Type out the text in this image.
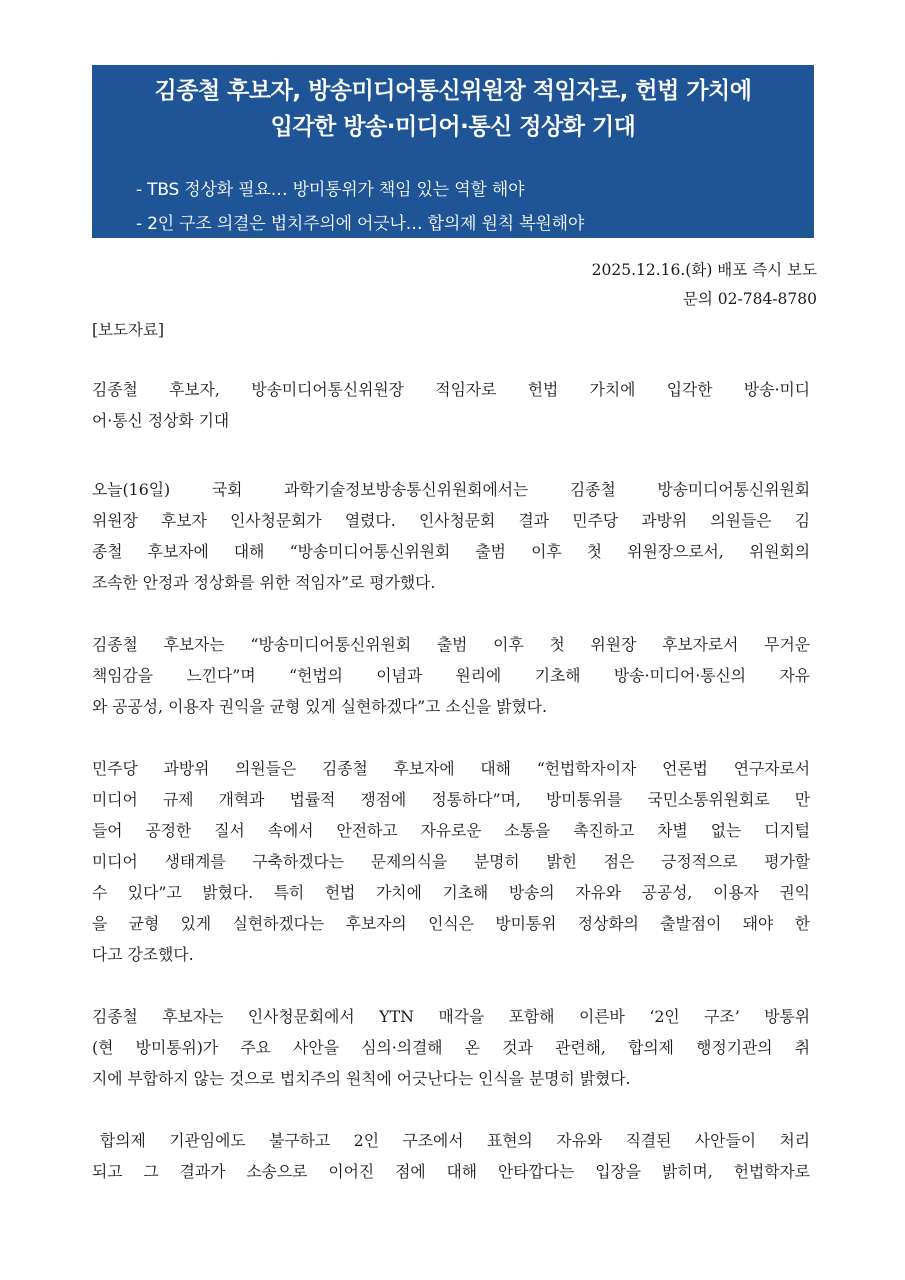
김종철 후보자, 방송미디어통신위원장 적임자로, 헌법 가치에
입각한 방송·미디어·통신 정상화 기대
- TBS 정상화 필요… 방미통위가 책임 있는 역할 해야
- 2인 구조 의결은 법치주의에 어긋나… 합의제 원칙 복원해야
2025.12.16.(화) 배포 즉시 보도
문의 02-784-8780
[보도자료]
김종철 후보자, 방송미디어통신위원장 적임자로 헌법 가치에 입각한 방송·미디
어·통신 정상화 기대
오늘(16일) 국회 과학기술정보방송통신위원회에서는 김종철 방송미디어통신위원회
위원장 후보자 인사청문회가 열렸다. 인사청문회 결과 민주당 과방위 의원들은 김
종철 후보자에 대해 “방송미디어통신위원회 출범 이후 첫 위원장으로서, 위원회의
조속한 안정과 정상화를 위한 적임자”로 평가했다.
김종철 후보자는 “방송미디어통신위원회 출범 이후 첫 위원장 후보자로서 무거운
책임감을 느낀다”며 “헌법의 이념과 원리에 기초해 방송·미디어·통신의 자유
와 공공성, 이용자 권익을 균형 있게 실현하겠다”고 소신을 밝혔다.
민주당 과방위 의원들은 김종철 후보자에 대해 “헌법학자이자 언론법 연구자로서
미디어 규제 개혁과 법률적 쟁점에 정통하다”며, 방미통위를 국민소통위원회로 만
들어 공정한 질서 속에서 안전하고 자유로운 소통을 촉진하고 차별 없는 디지털
미디어 생태계를 구축하겠다는 문제의식을 분명히 밝힌 점은 긍정적으로 평가할
수 있다”고 밝혔다. 특히 헌법 가치에 기초해 방송의 자유와 공공성, 이용자 권익
을 균형 있게 실현하겠다는 후보자의 인식은 방미통위 정상화의 출발점이 돼야 한
다고 강조했다.
김종철 후보자는 인사청문회에서 YTN 매각을 포함해 이른바 ‘2인 구조’ 방통위
(현 방미통위)가 주요 사안을 심의·의결해 온 것과 관련해, 합의제 행정기관의 취
지에 부합하지 않는 것으로 법치주의 원칙에 어긋난다는 인식을 분명히 밝혔다.
합의제 기관임에도 불구하고 2인 구조에서 표현의 자유와 직결된 사안들이 처리
되고 그 결과가 소송으로 이어진 점에 대해 안타깝다는 입장을 밝히며, 헌법학자로
